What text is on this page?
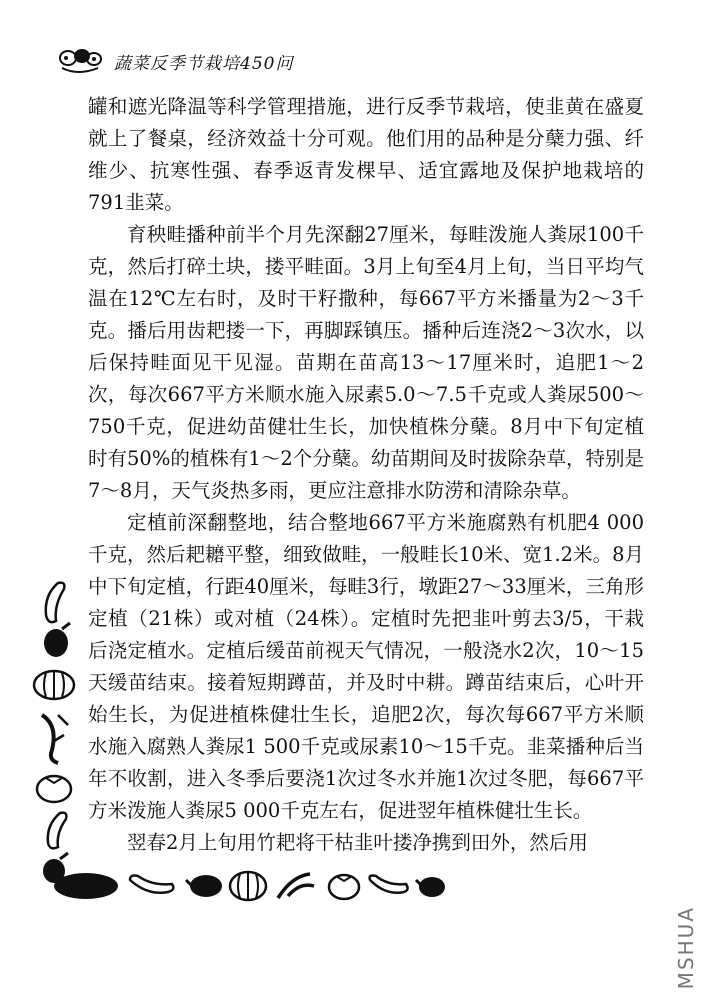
蔬菜反季节栽培450问

罐和遮光降温等科学管理措施，进行反季节栽培，使韭黄在盛夏就上了餐桌，经济效益十分可观。他们用的品种是分蘖力强、纤维少、抗寒性强、春季返青发棵早、适宜露地及保护地栽培的791韭菜。

育秧畦播种前半个月先深翻27厘米，每畦泼施人粪尿100千克，然后打碎土块，搂平畦面。3月上旬至4月上旬，当日平均气温在12℃左右时，及时干籽撒种，每667平方米播量为2～3千克。播后用齿耙搂一下，再脚踩镇压。播种后连浇2～3次水，以后保持畦面见干见湿。苗期在苗高13～17厘米时，追肥1～2次，每次667平方米顺水施入尿素5.0～7.5千克或人粪尿500～750千克，促进幼苗健壮生长，加快植株分蘖。8月中下旬定植时有50%的植株有1～2个分蘖。幼苗期间及时拔除杂草，特别是7～8月，天气炎热多雨，更应注意排水防涝和清除杂草。

定植前深翻整地，结合整地667平方米施腐熟有机肥4 000千克，然后耙耱平整，细致做畦，一般畦长10米、宽1.2米。8月中下旬定植，行距40厘米，每畦3行，墩距27～33厘米，三角形定植（21株）或对植（24株）。定植时先把韭叶剪去3/5，干栽后浇定植水。定植后缓苗前视天气情况，一般浇水2次，10～15天缓苗结束。接着短期蹲苗，并及时中耕。蹲苗结束后，心叶开始生长，为促进植株健壮生长，追肥2次，每次每667平方米顺水施入腐熟人粪尿1 500千克或尿素10～15千克。韭菜播种后当年不收割，进入冬季后要浇1次过冬水并施1次过冬肥，每667平方米泼施人粪尿5 000千克左右，促进翌年植株健壮生长。

翌春2月上旬用竹耙将干枯韭叶搂净携到田外，然后用

MSHUA
